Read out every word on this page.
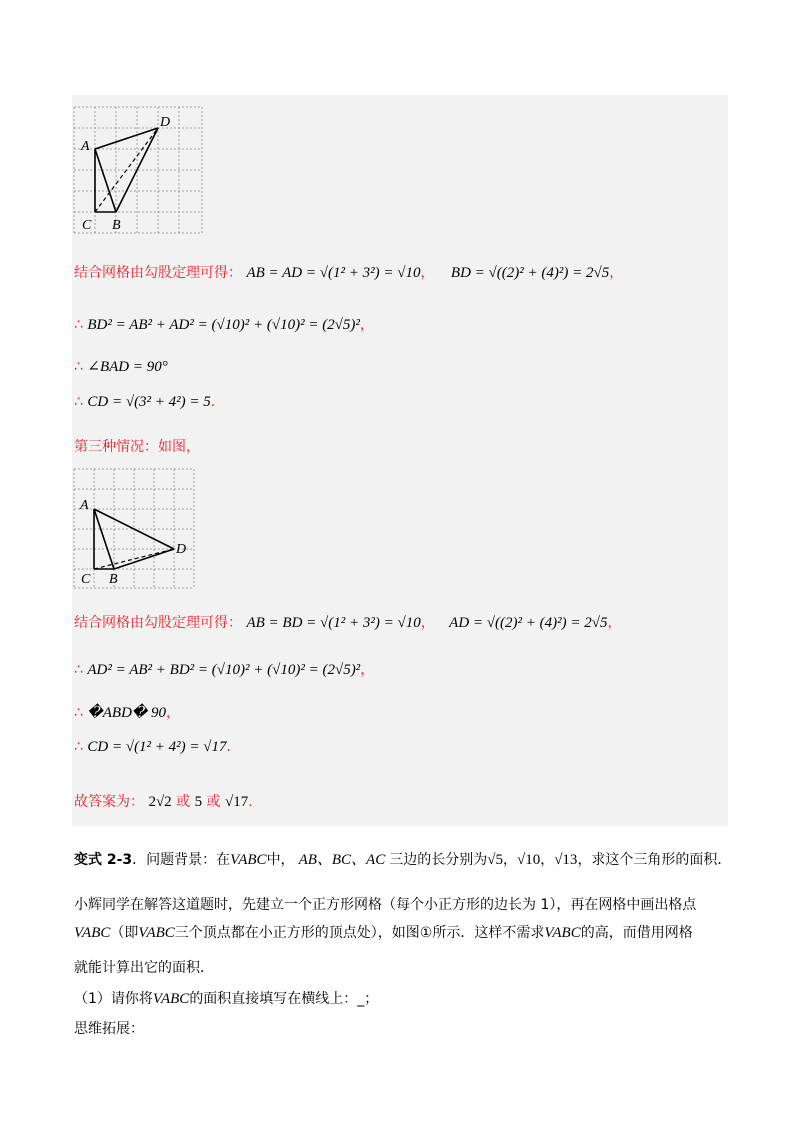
A
D
C B
结合网格由勾股定理可得： AB = AD = √(1² + 3²) = √10， BD = √((2)² + (4)²) = 2√5，
∴ BD² = AB² + AD² = (√10)² + (√10)² = (2√5)²，
∴ ∠BAD = 90°
∴ CD = √(3² + 4²) = 5．
第三种情况：如图，
A
D
C B
结合网格由勾股定理可得： AB = BD = √(1² + 3²) = √10， AD = √((2)² + (4)²) = 2√5，
∴ AD² = AB² + BD² = (√10)² + (√10)² = (2√5)²，
∴ �ABD� 90，
∴ CD = √(1² + 4²) = √17．
故答案为： 2√2 或 5 或 √17.
变式 2-3．问题背景：在VABC中， AB、BC、AC 三边的长分别为√5，√10，√13，求这个三角形的面积．
小辉同学在解答这道题时，先建立一个正方形网格（每个小正方形的边长为 1），再在网格中画出格点
VABC（即VABC三个顶点都在小正方形的顶点处），如图①所示．这样不需求VABC的高，而借用网格
就能计算出它的面积．
（1）请你将VABC的面积直接填写在横线上：_；
思维拓展：
